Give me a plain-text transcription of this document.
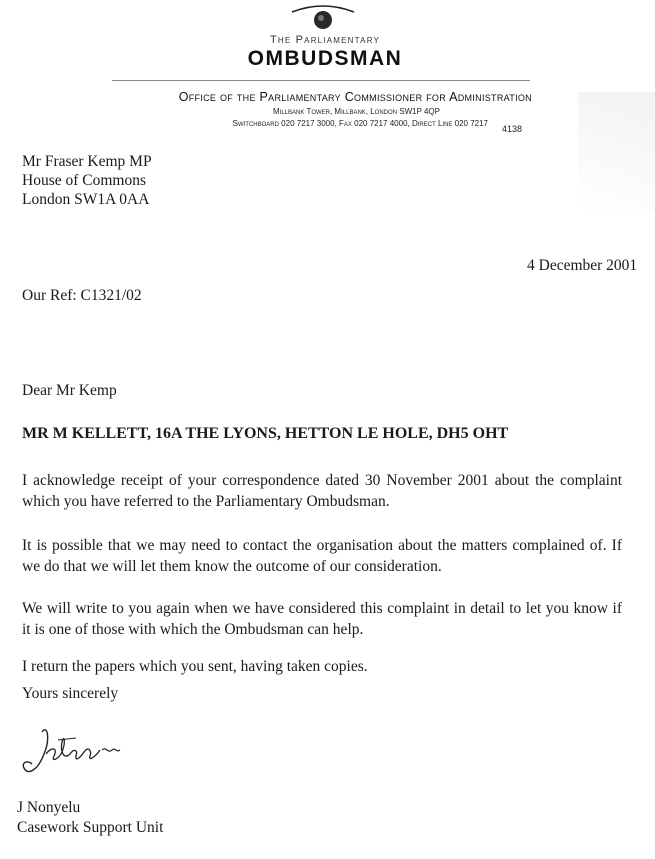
The Parliamentary
OMBUDSMAN
Office of the Parliamentary Commissioner for Administration
Millbank Tower, Millbank, London SW1P 4QP
Switchboard 020 7217 3000, Fax 020 7217 4000, Direct Line 020 7217
4138
Mr Fraser Kemp MP
House of Commons
London SW1A 0AA
4 December 2001
Our Ref: C1321/02
Dear Mr Kemp
MR M KELLETT, 16A THE LYONS, HETTON LE HOLE, DH5 OHT
I acknowledge receipt of your correspondence dated 30 November 2001 about the complaint which you have referred to the Parliamentary Ombudsman.
It is possible that we may need to contact the organisation about the matters complained of. If we do that we will let them know the outcome of our consideration.
We will write to you again when we have considered this complaint in detail to let you know if it is one of those with which the Ombudsman can help.
I return the papers which you sent, having taken copies.
Yours sincerely
J Nonyelu
Casework Support Unit
